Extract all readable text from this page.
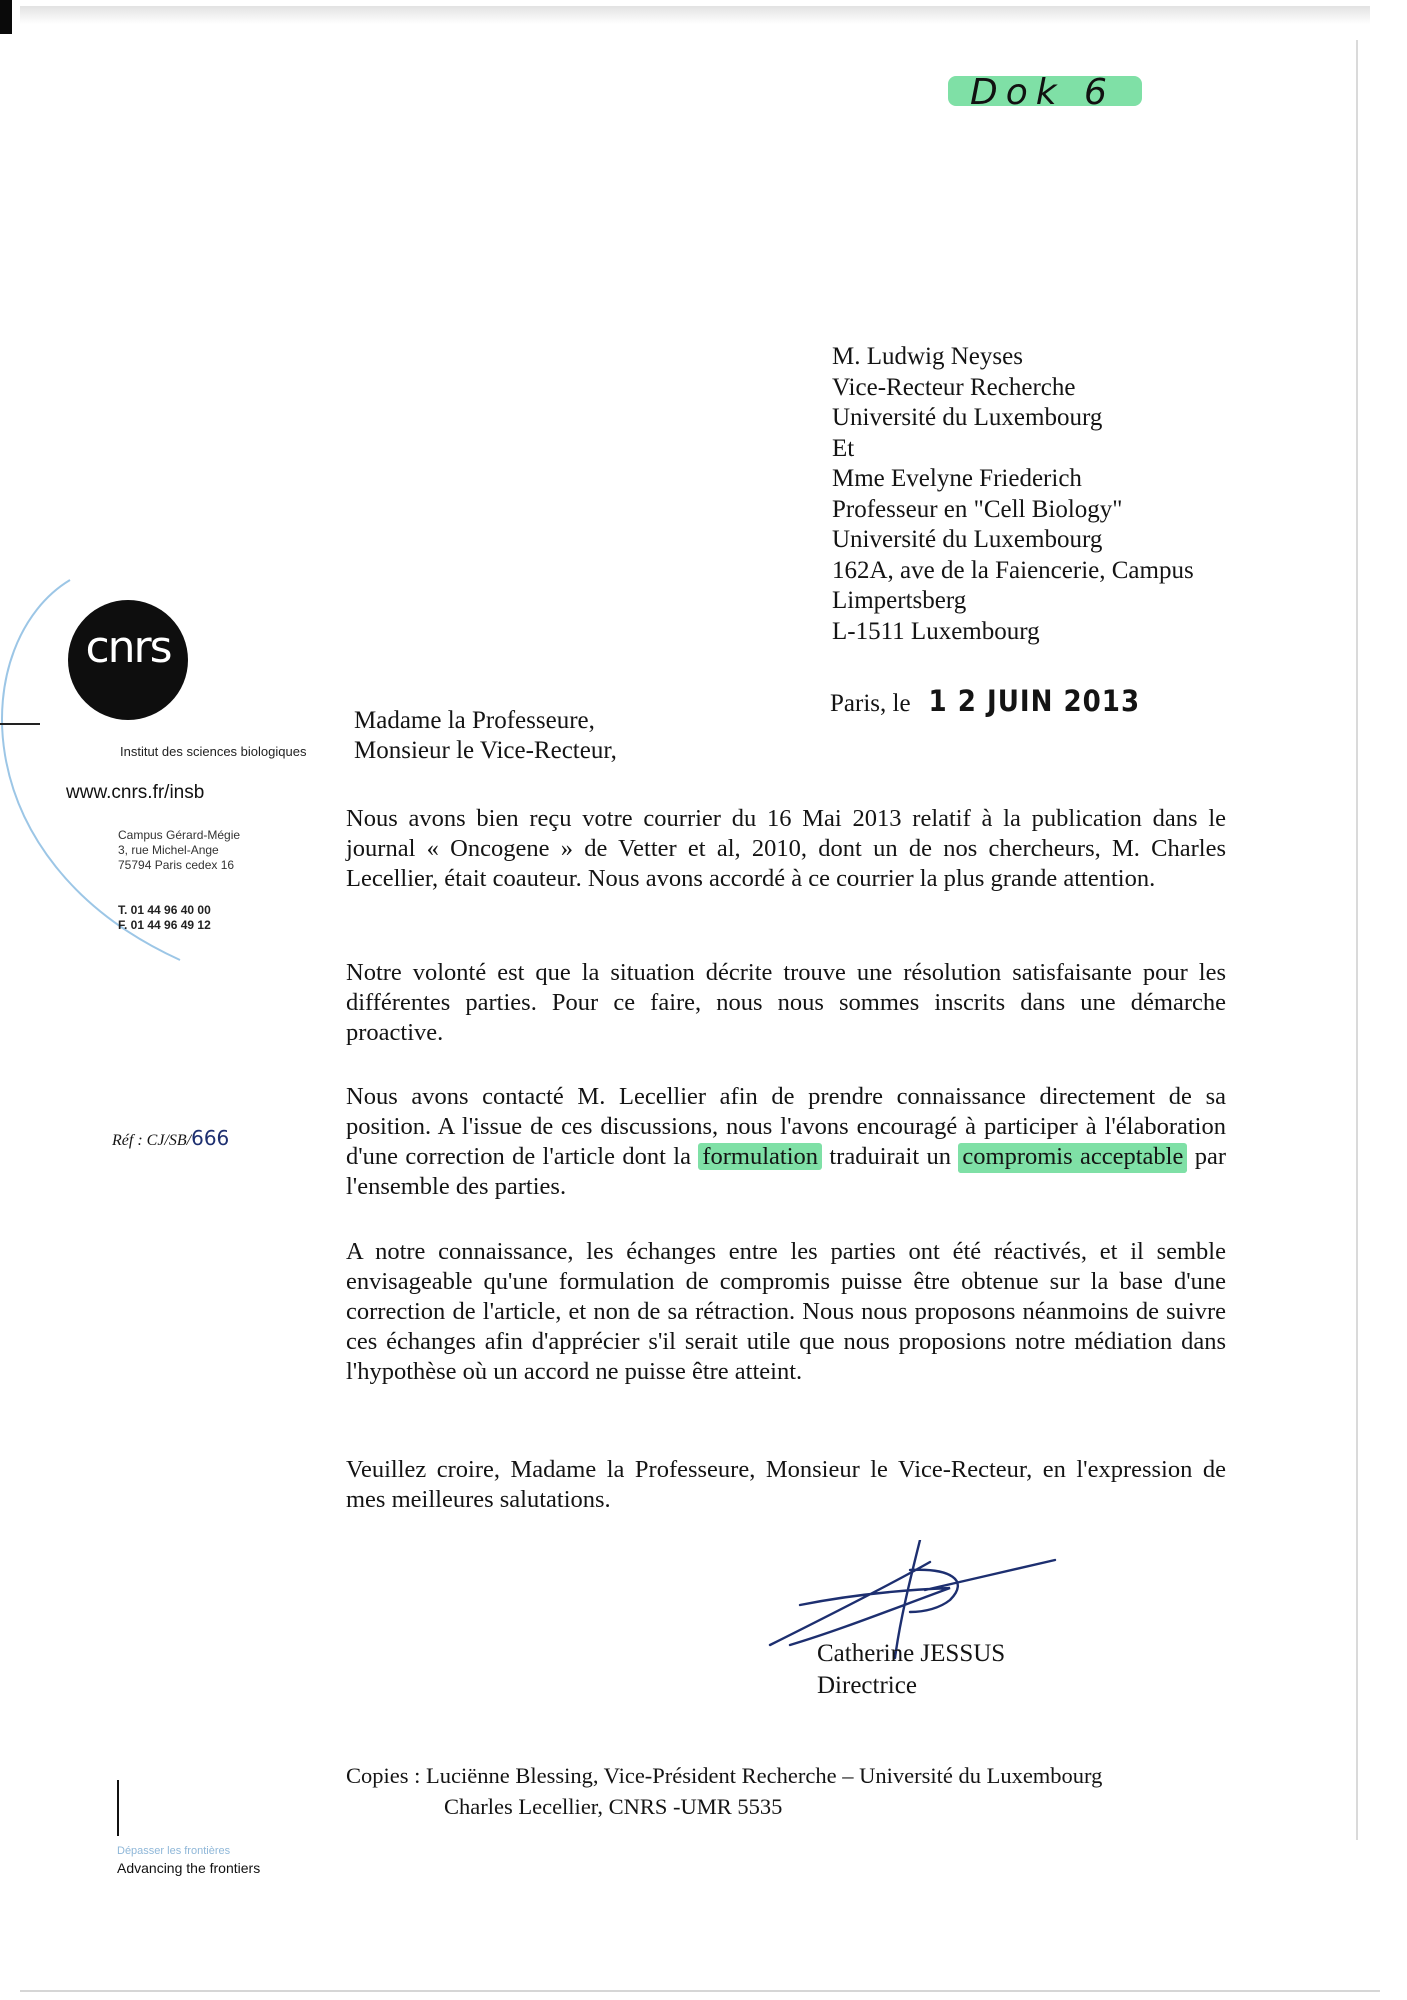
Dok 6
M. Ludwig Neyses
Vice-Recteur Recherche
Université du Luxembourg
Et
Mme Evelyne Friederich
Professeur en "Cell Biology"
Université du Luxembourg
162A, ave de la Faiencerie, Campus
Limpertsberg
L-1511 Luxembourg
Paris, le 1 2 JUIN 2013
cnrs
Institut des sciences biologiques
www.cnrs.fr/insb
Campus Gérard-Mégie
3, rue Michel-Ange
75794 Paris cedex 16
T. 01 44 96 40 00
F. 01 44 96 49 12
Réf : CJ/SB/666
Madame la Professeure,
Monsieur le Vice-Recteur,
Nous avons bien reçu votre courrier du 16 Mai 2013 relatif à la publication dans le journal « Oncogene » de Vetter et al, 2010, dont un de nos chercheurs, M. Charles Lecellier, était coauteur. Nous avons accordé à ce courrier la plus grande attention.
Notre volonté est que la situation décrite trouve une résolution satisfaisante pour les différentes parties. Pour ce faire, nous nous sommes inscrits dans une démarche proactive.
Nous avons contacté M. Lecellier afin de prendre connaissance directement de sa position. A l'issue de ces discussions, nous l'avons encouragé à participer à l'élaboration d'une correction de l'article dont la formulation traduirait un compromis acceptable par l'ensemble des parties.
A notre connaissance, les échanges entre les parties ont été réactivés, et il semble envisageable qu'une formulation de compromis puisse être obtenue sur la base d'une correction de l'article, et non de sa rétraction. Nous nous proposons néanmoins de suivre ces échanges afin d'apprécier s'il serait utile que nous proposions notre médiation dans l'hypothèse où un accord ne puisse être atteint.
Veuillez croire, Madame la Professeure, Monsieur le Vice-Recteur, en l'expression de mes meilleures salutations.
Catherine JESSUS
Directrice
Copies : Luciënne Blessing, Vice-Président Recherche – Université du Luxembourg
Charles Lecellier, CNRS -UMR 5535
Dépasser les frontières
Advancing the frontiers
